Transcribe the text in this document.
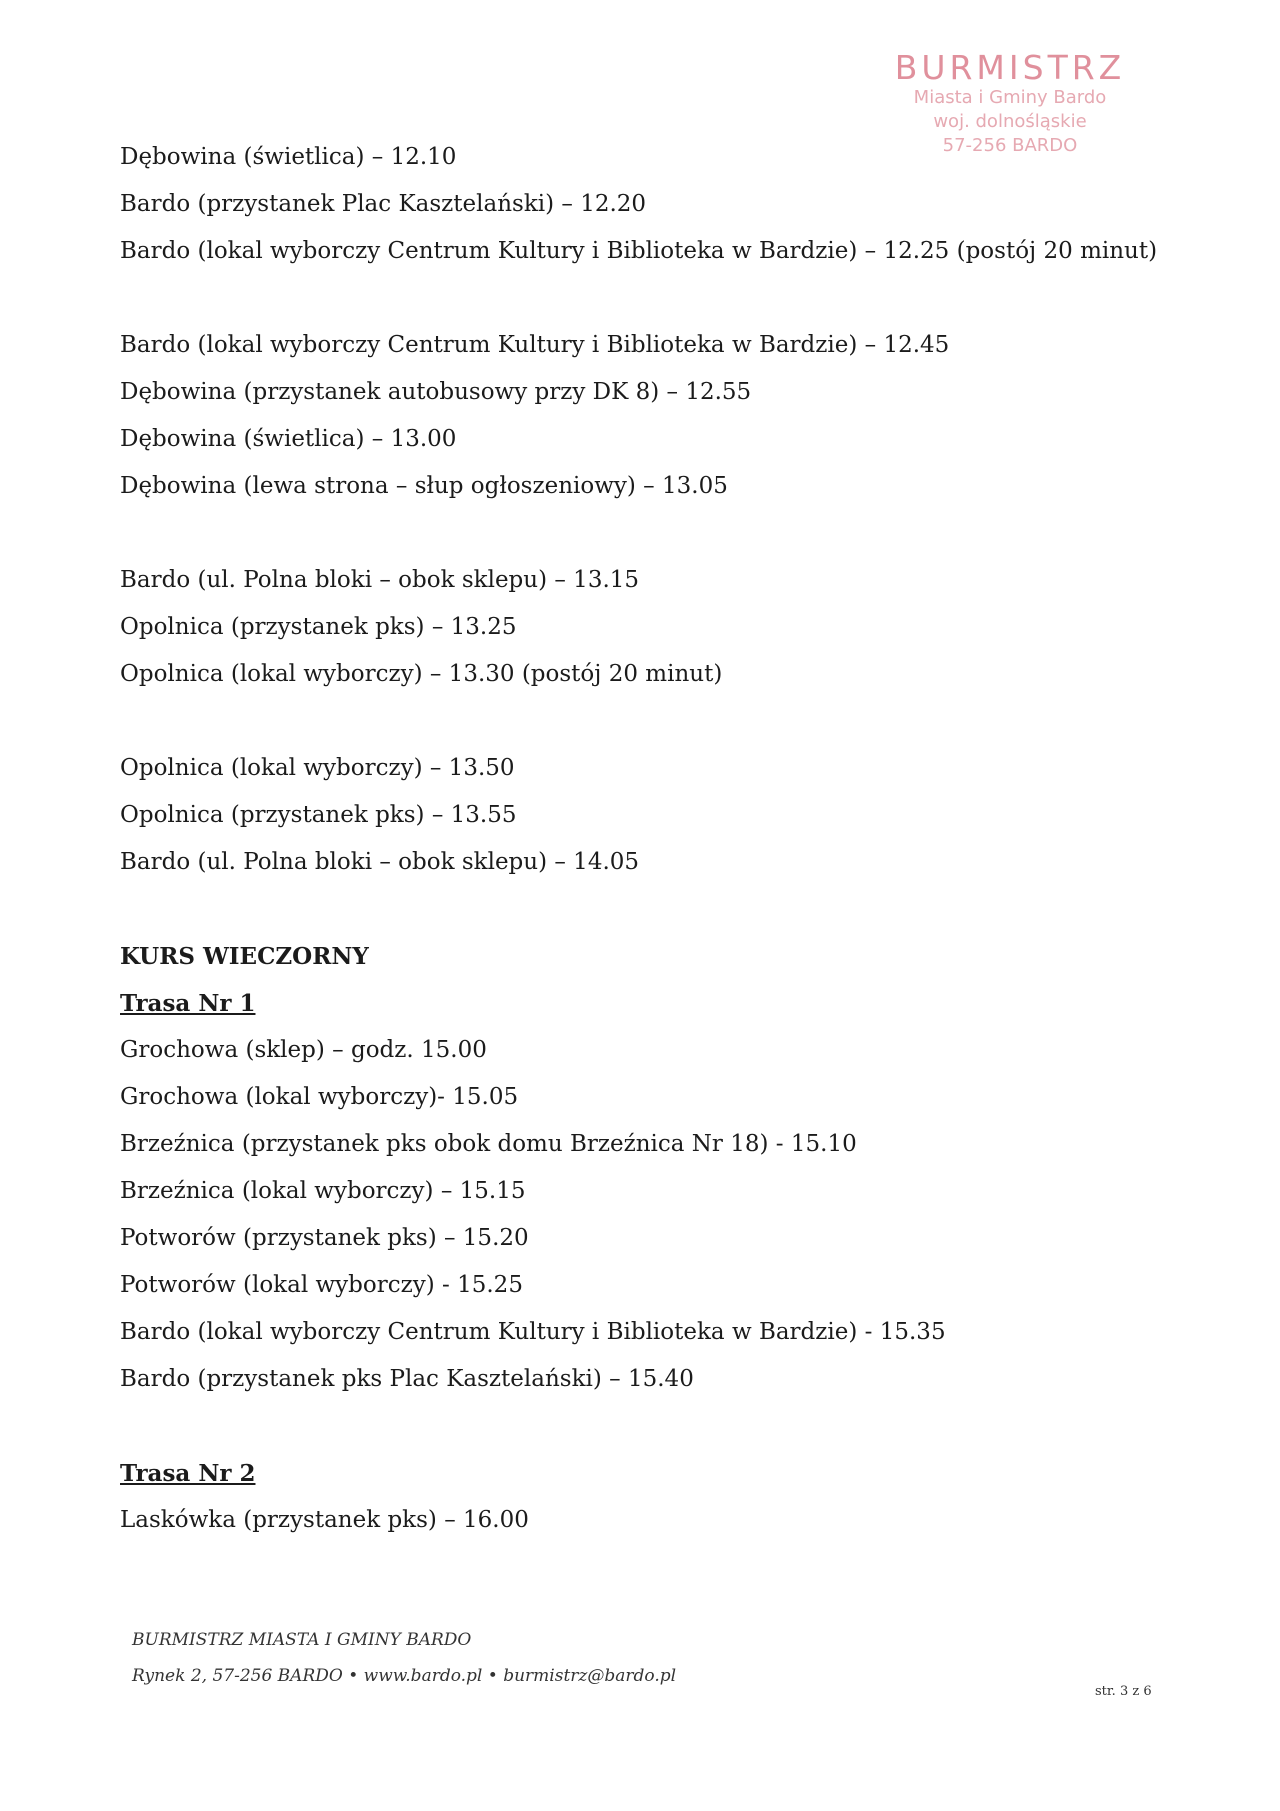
BURMISTRZ
Miasta i Gminy Bardo
woj. dolnośląskie
57-256 BARDO
Dębowina (świetlica) – 12.10
Bardo (przystanek Plac Kasztelański) – 12.20
Bardo (lokal wyborczy Centrum Kultury i Biblioteka w Bardzie) – 12.25 (postój 20 minut)
Bardo (lokal wyborczy Centrum Kultury i Biblioteka w Bardzie) – 12.45
Dębowina (przystanek autobusowy przy DK 8) – 12.55
Dębowina (świetlica) – 13.00
Dębowina (lewa strona – słup ogłoszeniowy) – 13.05
Bardo (ul. Polna bloki – obok sklepu) – 13.15
Opolnica (przystanek pks) – 13.25
Opolnica (lokal wyborczy) – 13.30 (postój 20 minut)
Opolnica (lokal wyborczy) – 13.50
Opolnica (przystanek pks) – 13.55
Bardo (ul. Polna bloki – obok sklepu) – 14.05
KURS WIECZORNY
Trasa Nr 1
Grochowa (sklep) – godz. 15.00
Grochowa (lokal wyborczy)- 15.05
Brzeźnica (przystanek pks obok domu Brzeźnica Nr 18) - 15.10
Brzeźnica (lokal wyborczy) – 15.15
Potworów (przystanek pks) – 15.20
Potworów (lokal wyborczy) - 15.25
Bardo (lokal wyborczy Centrum Kultury i Biblioteka w Bardzie) - 15.35
Bardo (przystanek pks Plac Kasztelański) – 15.40
Trasa Nr 2
Laskówka (przystanek pks) – 16.00
BURMISTRZ MIASTA I GMINY BARDO
Rynek 2, 57-256 BARDO • www.bardo.pl • burmistrz@bardo.pl
str. 3 z 6
